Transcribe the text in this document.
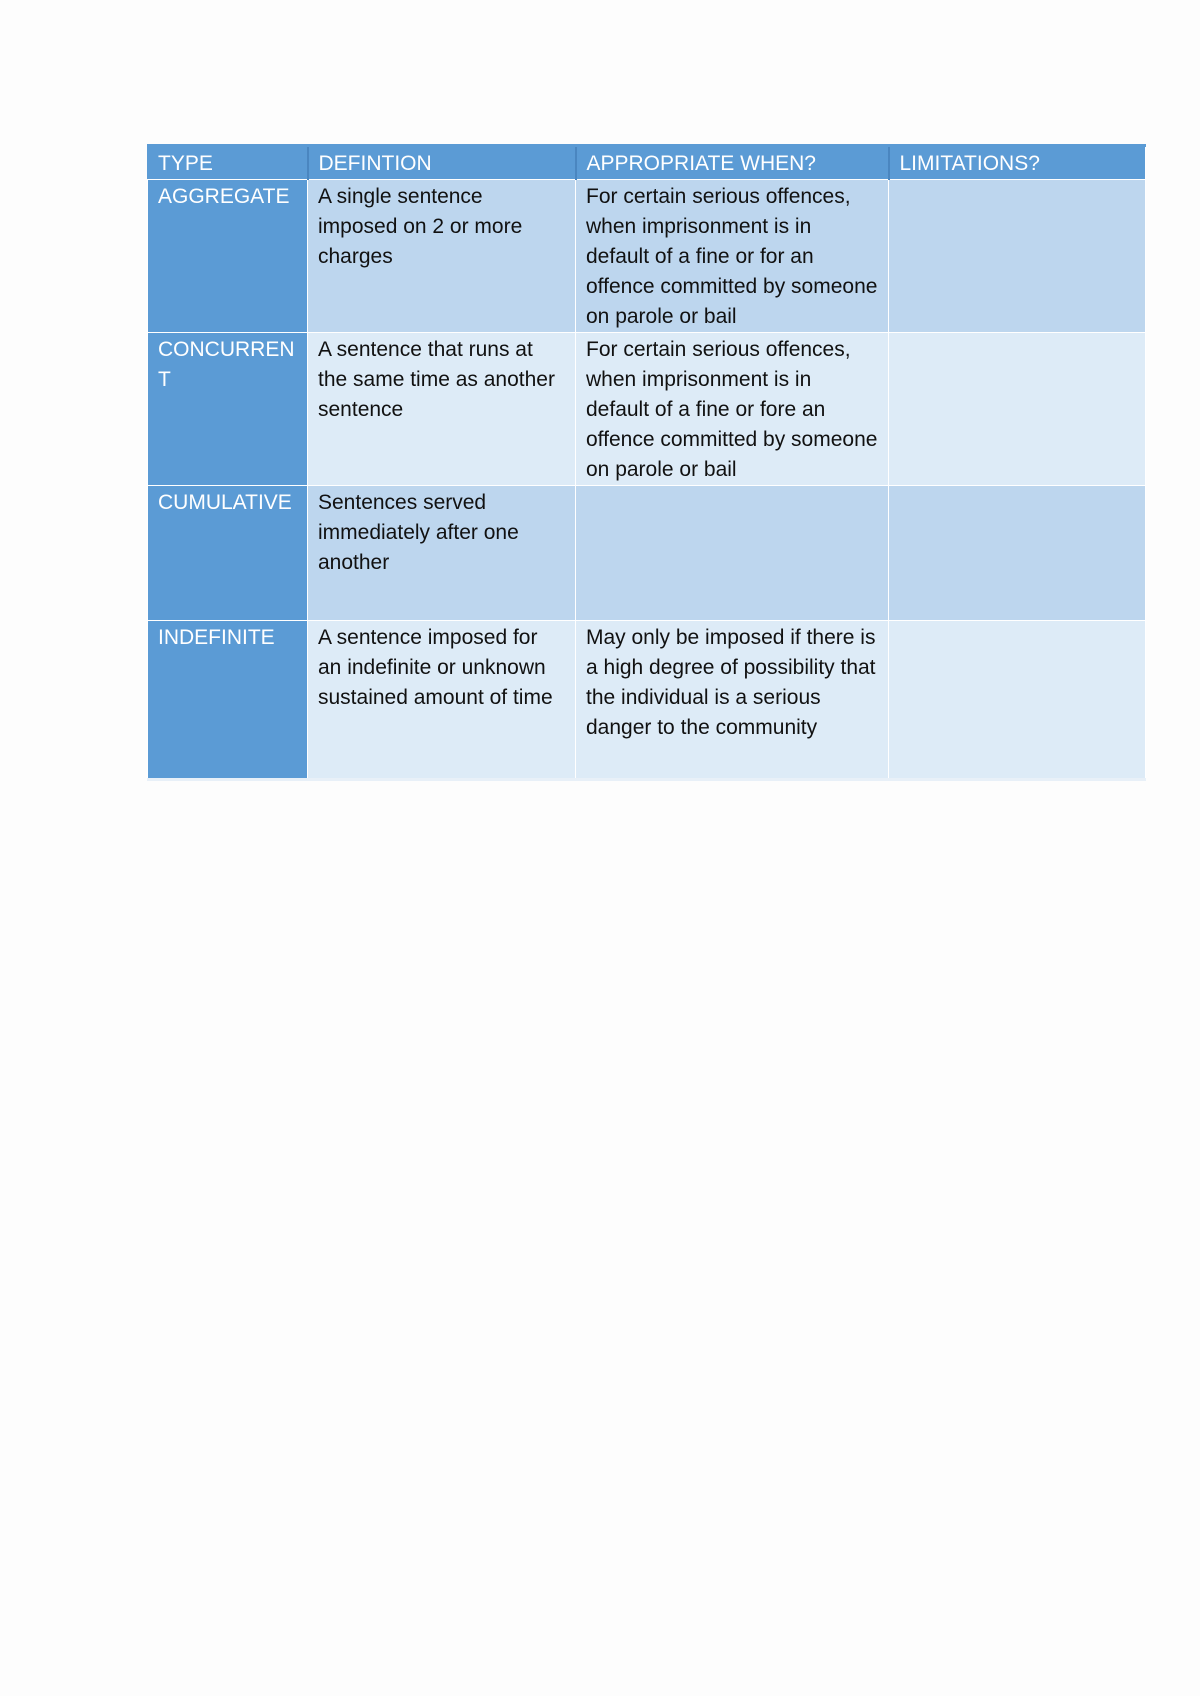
TYPE	DEFINTION	APPROPRIATE WHEN?	LIMITATIONS?
AGGREGATE	A single sentence imposed on 2 or more charges	For certain serious offences, when imprisonment is in default of a fine or for an offence committed by someone on parole or bail	
CONCURRENT	A sentence that runs at the same time as another sentence	For certain serious offences, when imprisonment is in default of a fine or fore an offence committed by someone on parole or bail	
CUMULATIVE	Sentences served immediately after one another		
INDEFINITE	A sentence imposed for an indefinite or unknown sustained amount of time	May only be imposed if there is a high degree of possibility that the individual is a serious danger to the community	
